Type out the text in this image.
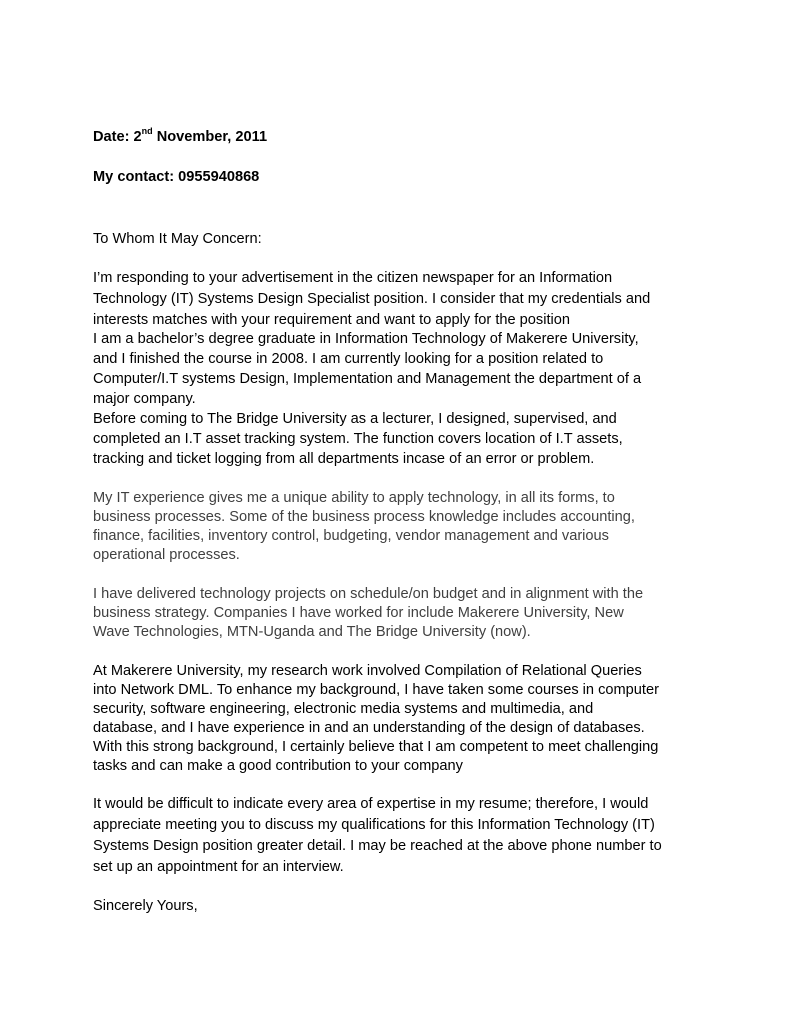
Date: 2nd November, 2011

My contact: 0955940868

To Whom It May Concern:

I’m responding to your advertisement in the citizen newspaper for an Information
Technology (IT) Systems Design Specialist position. I consider that my credentials and
interests matches with your requirement and want to apply for the position

I am a bachelor’s degree graduate in Information Technology of Makerere University,
and I finished the course in 2008. I am currently looking for a position related to
Computer/I.T systems Design, Implementation and Management the department of a
major company.

Before coming to The Bridge University as a lecturer, I designed, supervised, and
completed an I.T asset tracking system. The function covers location of I.T assets,
tracking and ticket logging from all departments incase of an error or problem.

My IT experience gives me a unique ability to apply technology, in all its forms, to
business processes. Some of the business process knowledge includes accounting,
finance, facilities, inventory control, budgeting, vendor management and various
operational processes.

I have delivered technology projects on schedule/on budget and in alignment with the
business strategy. Companies I have worked for include Makerere University, New
Wave Technologies, MTN-Uganda and The Bridge University (now).

At Makerere University, my research work involved Compilation of Relational Queries
into Network DML. To enhance my background, I have taken some courses in computer
security, software engineering, electronic media systems and multimedia, and
database, and I have experience in and an understanding of the design of databases.
With this strong background, I certainly believe that I am competent to meet challenging
tasks and can make a good contribution to your company

It would be difficult to indicate every area of expertise in my resume; therefore, I would
appreciate meeting you to discuss my qualifications for this Information Technology (IT)
Systems Design position greater detail. I may be reached at the above phone number to
set up an appointment for an interview.

Sincerely Yours,
